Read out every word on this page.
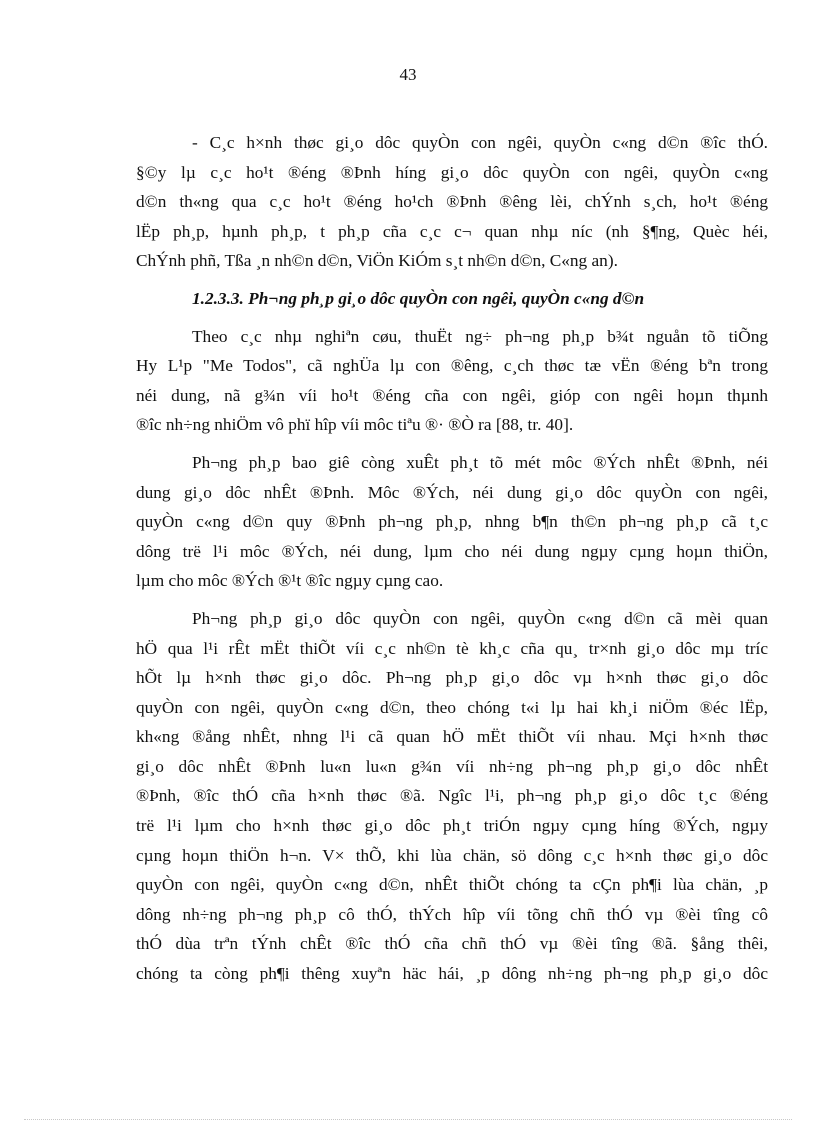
43
- C¸c h×nh thøc gi¸o dôc quyÒn con ngêi, quyÒn c«ng d©n ®îc thÓ.
§©y lµ c¸c ho¹t ®éng ®Þnh híng gi¸o dôc quyÒn con ngêi, quyÒn c«ng
d©n th«ng qua c¸c ho¹t ®éng ho¹ch ®Þnh ®êng lèi, chÝnh s¸ch, ho¹t ®éng
lËp ph¸p, hµnh ph¸p, t ph¸p cña c¸c c¬ quan nhµ níc (nh §¶ng, Quèc héi,
ChÝnh phñ, Tßa ¸n nh©n d©n, ViÖn KiÓm s¸t nh©n d©n, C«ng an).
1.2.3.3. Ph¬ng ph¸p gi¸o dôc quyÒn con ngêi, quyÒn c«ng d©n
Theo c¸c nhµ nghiªn cøu, thuËt ng÷ ph¬ng ph¸p b¾t nguån tõ tiÕng
Hy L¹p "Me Todos", cã nghÜa lµ con ®êng, c¸ch thøc tæ vËn ®éng bªn trong
néi dung, nã g¾n víi ho¹t ®éng cña con ngêi, gióp con ngêi hoµn thµnh
®îc nh÷ng nhiÖm vô phï hîp víi môc tiªu ®· ®Ò ra [88, tr. 40].
Ph¬ng ph¸p bao giê còng xuÊt ph¸t tõ mét môc ®Ých nhÊt ®Þnh, néi
dung gi¸o dôc nhÊt ®Þnh. Môc ®Ých, néi dung gi¸o dôc quyÒn con ngêi,
quyÒn c«ng d©n quy ®Þnh ph¬ng ph¸p, nhng b¶n th©n ph¬ng ph¸p cã t¸c
dông trë l¹i môc ®Ých, néi dung, lµm cho néi dung ngµy cµng hoµn thiÖn,
lµm cho môc ®Ých ®¹t ®îc ngµy cµng cao.
Ph¬ng ph¸p gi¸o dôc quyÒn con ngêi, quyÒn c«ng d©n cã mèi quan
hÖ qua l¹i rÊt mËt thiÕt víi c¸c nh©n tè kh¸c cña qu¸ tr×nh gi¸o dôc mµ tríc
hÕt lµ h×nh thøc gi¸o dôc. Ph¬ng ph¸p gi¸o dôc vµ h×nh thøc gi¸o dôc
quyÒn con ngêi, quyÒn c«ng d©n, theo chóng t«i lµ hai kh¸i niÖm ®éc lËp,
kh«ng ®ång nhÊt, nhng l¹i cã quan hÖ mËt thiÕt víi nhau. Mçi h×nh thøc
gi¸o dôc nhÊt ®Þnh lu«n lu«n g¾n víi nh÷ng ph¬ng ph¸p gi¸o dôc nhÊt
®Þnh, ®îc thÓ cña h×nh thøc ®ã. Ngîc l¹i, ph¬ng ph¸p gi¸o dôc t¸c ®éng
trë l¹i lµm cho h×nh thøc gi¸o dôc ph¸t triÓn ngµy cµng híng ®Ých, ngµy
cµng hoµn thiÖn h¬n. V× thÕ, khi lùa chän, sö dông c¸c h×nh thøc gi¸o dôc
quyÒn con ngêi, quyÒn c«ng d©n, nhÊt thiÕt chóng ta cÇn ph¶i lùa chän, ¸p
dông nh÷ng ph¬ng ph¸p cô thÓ, thÝch hîp víi tõng chñ thÓ vµ ®èi tîng cô
thÓ dùa trªn tÝnh chÊt ®îc thÓ cña chñ thÓ vµ ®èi tîng ®ã. §ång thêi,
chóng ta còng ph¶i thêng xuyªn häc hái, ¸p dông nh÷ng ph¬ng ph¸p gi¸o dôc
